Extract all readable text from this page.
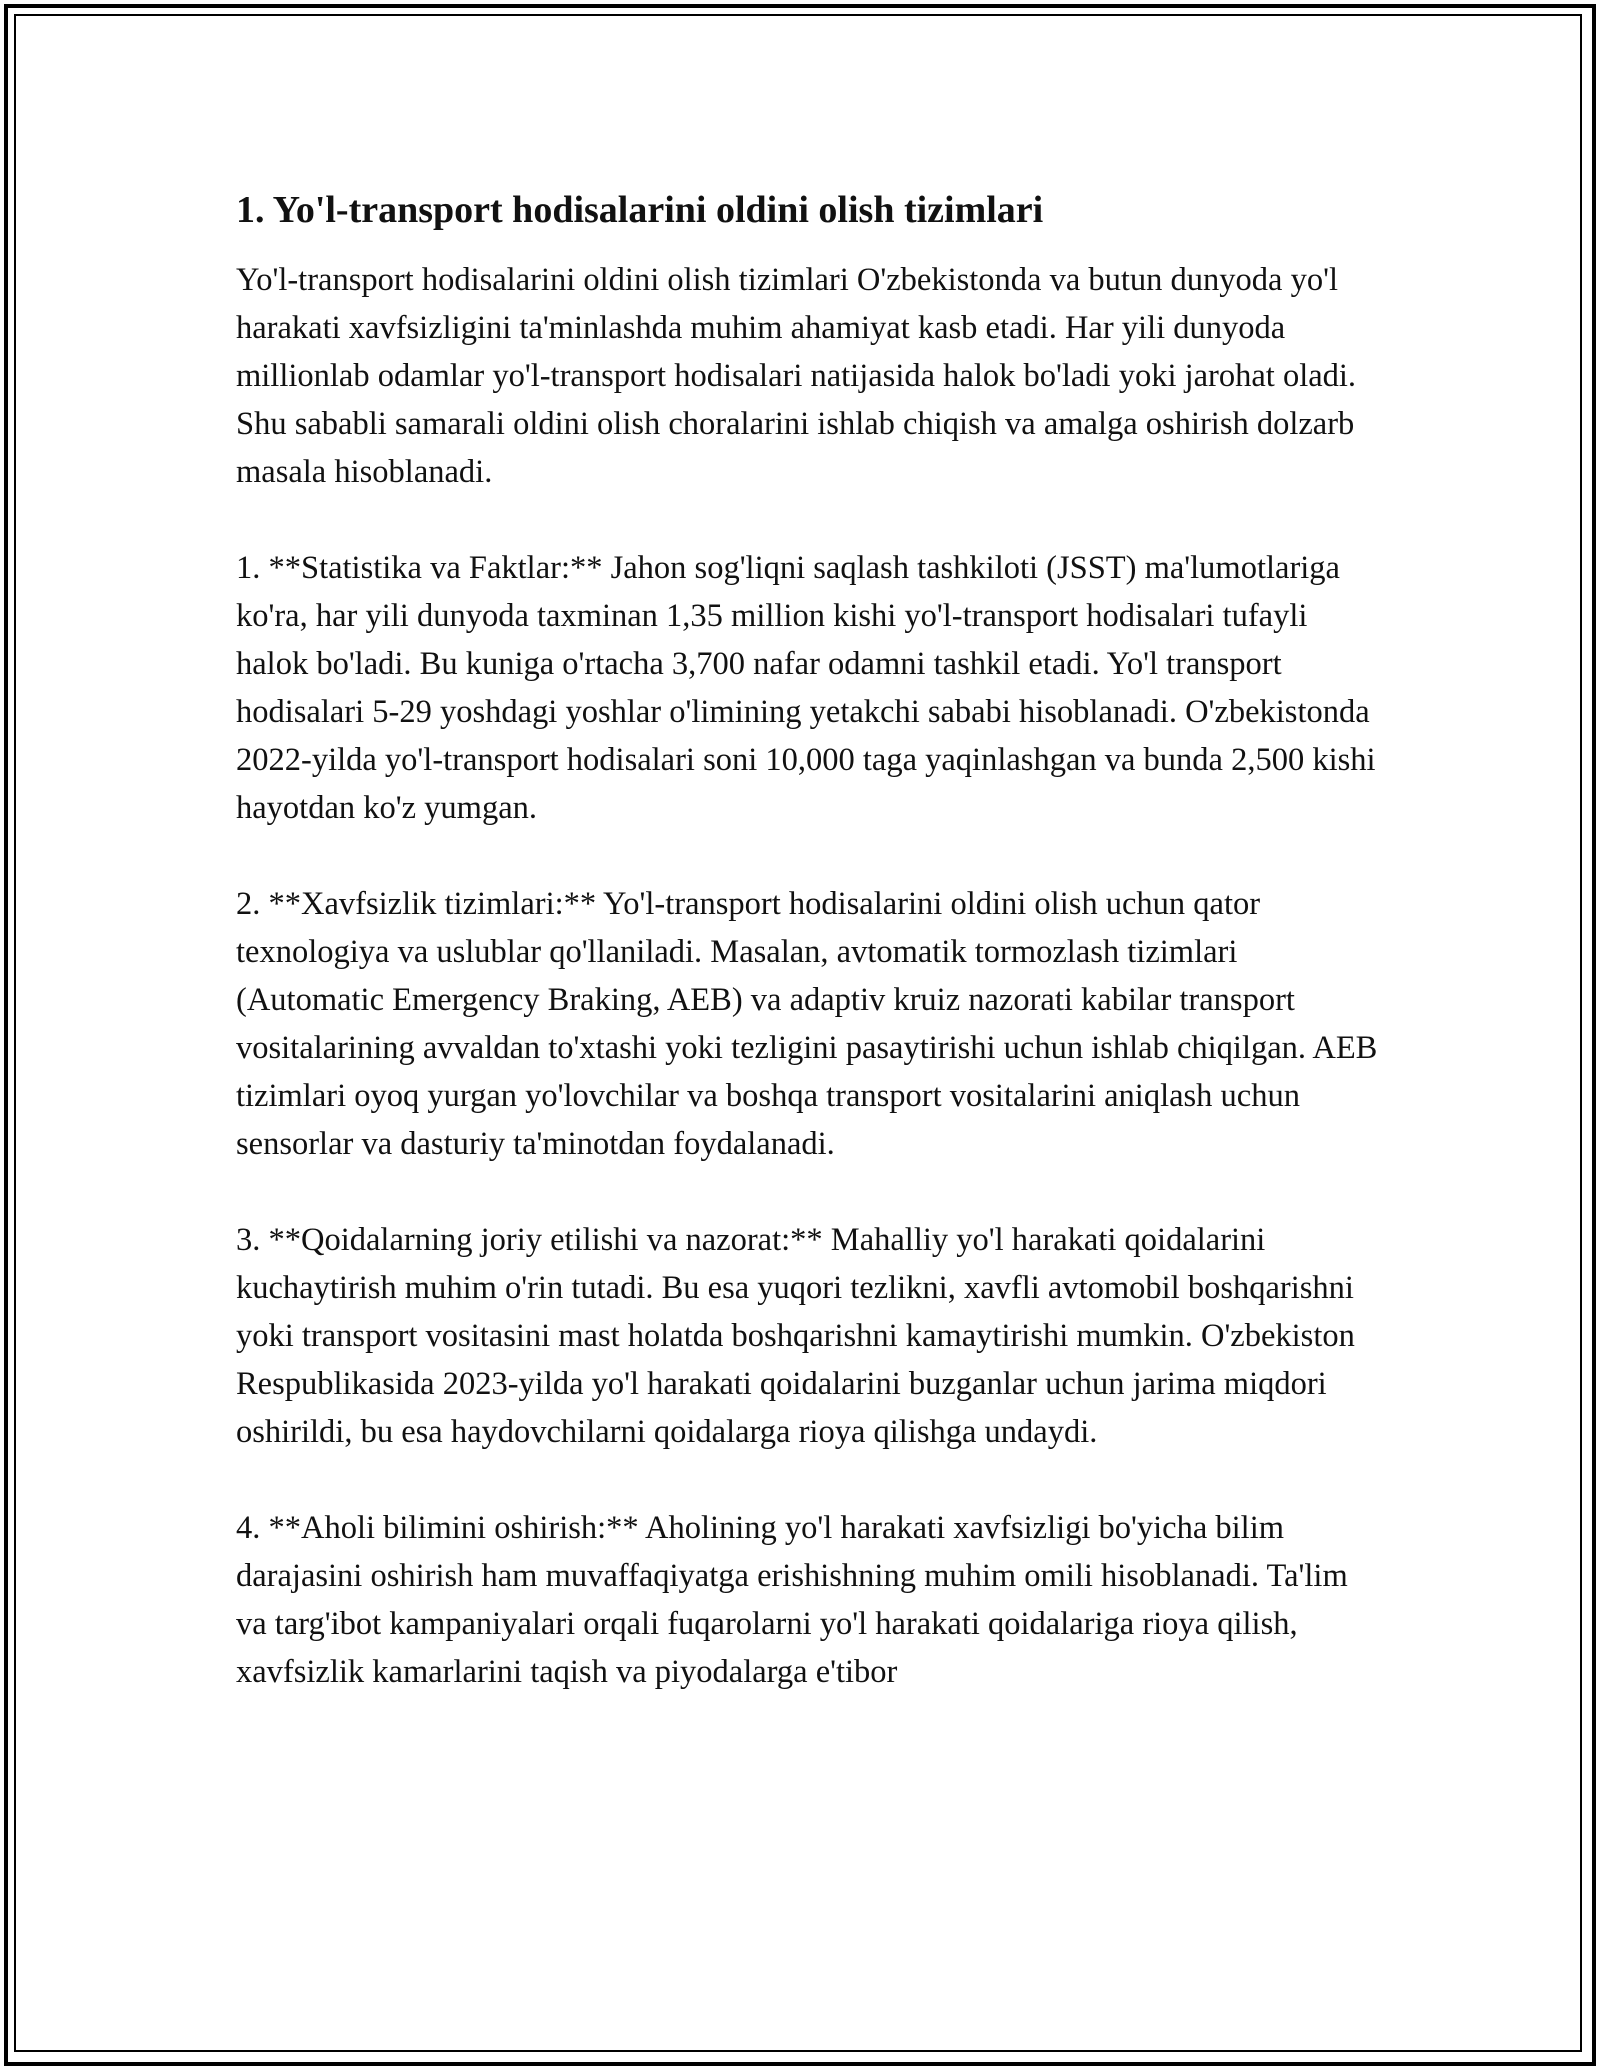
1. Yo'l-transport hodisalarini oldini olish tizimlari

Yo'l-transport hodisalarini oldini olish tizimlari O'zbekistonda va butun dunyoda yo'l harakati xavfsizligini ta'minlashda muhim ahamiyat kasb etadi. Har yili dunyoda millionlab odamlar yo'l-transport hodisalari natijasida halok bo'ladi yoki jarohat oladi. Shu sababli samarali oldini olish choralarini ishlab chiqish va amalga oshirish dolzarb masala hisoblanadi.

1. **Statistika va Faktlar:** Jahon sog'liqni saqlash tashkiloti (JSST) ma'lumotlariga ko'ra, har yili dunyoda taxminan 1,35 million kishi yo'l-transport hodisalari tufayli halok bo'ladi. Bu kuniga o'rtacha 3,700 nafar odamni tashkil etadi. Yo'l transport hodisalari 5-29 yoshdagi yoshlar o'limining yetakchi sababi hisoblanadi. O'zbekistonda 2022-yilda yo'l-transport hodisalari soni 10,000 taga yaqinlashgan va bunda 2,500 kishi hayotdan ko'z yumgan.

2. **Xavfsizlik tizimlari:** Yo'l-transport hodisalarini oldini olish uchun qator texnologiya va uslublar qo'llaniladi. Masalan, avtomatik tormozlash tizimlari (Automatic Emergency Braking, AEB) va adaptiv kruiz nazorati kabilar transport vositalarining avvaldan to'xtashi yoki tezligini pasaytirishi uchun ishlab chiqilgan. AEB tizimlari oyoq yurgan yo'lovchilar va boshqa transport vositalarini aniqlash uchun sensorlar va dasturiy ta'minotdan foydalanadi.

3. **Qoidalarning joriy etilishi va nazorat:** Mahalliy yo'l harakati qoidalarini kuchaytirish muhim o'rin tutadi. Bu esa yuqori tezlikni, xavfli avtomobil boshqarishni yoki transport vositasini mast holatda boshqarishni kamaytirishi mumkin. O'zbekiston Respublikasida 2023-yilda yo'l harakati qoidalarini buzganlar uchun jarima miqdori oshirildi, bu esa haydovchilarni qoidalarga rioya qilishga undaydi.

4. **Aholi bilimini oshirish:** Aholining yo'l harakati xavfsizligi bo'yicha bilim darajasini oshirish ham muvaffaqiyatga erishishning muhim omili hisoblanadi. Ta'lim va targ'ibot kampaniyalari orqali fuqarolarni yo'l harakati qoidalariga rioya qilish, xavfsizlik kamarlarini taqish va piyodalarga e'tibor
